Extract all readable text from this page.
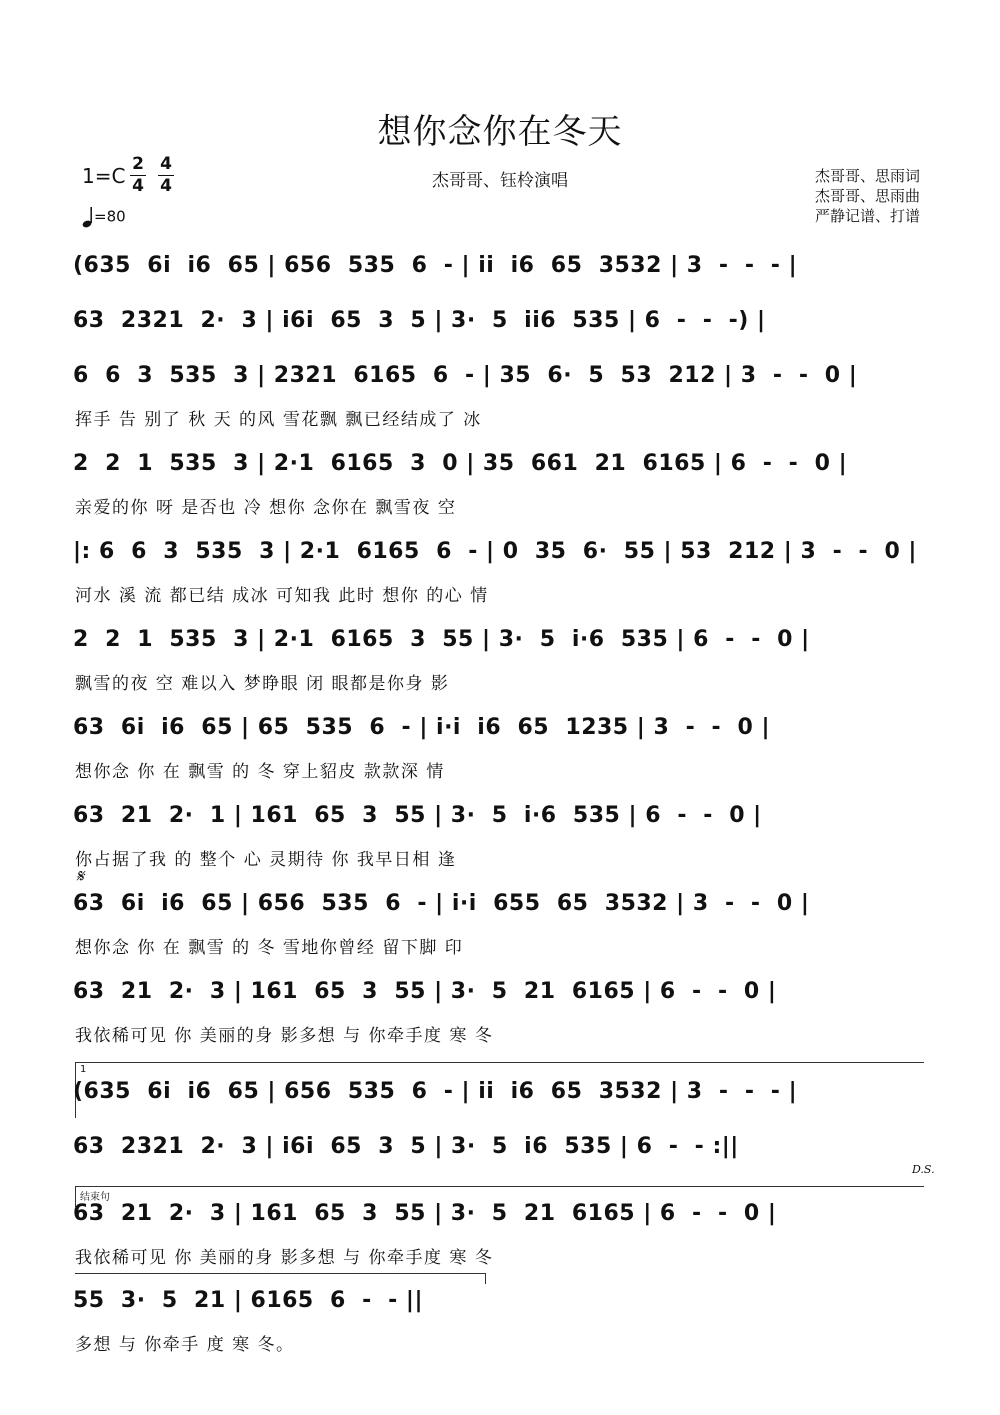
想你念你在冬天
1=C 2
4
4
4
=80
杰哥哥、钰柃演唱	杰哥哥、思雨词
杰哥哥、思雨曲
严静记谱、打谱
(635  6i  i6  65 | 656  535  6  - | ii  i6  65  3532 | 3  -  -  - |
63  2321  2·  3 | i6i  65  3  5 | 3·  5  ii6  535 | 6  -  -  -) |
6  6  3  535  3 | 2321  6165  6  - | 35  6·  5  53  212 | 3  -  -  0 |
挥手 告 别了 秋 天 的风 雪花飘 飘已经结成了 冰
2  2  1  535  3 | 2·1  6165  3  0 | 35  661  21  6165 | 6  -  -  0 |
亲爱的你 呀 是否也 冷 想你 念你在 飘雪夜 空
|: 6  6  3  535  3 | 2·1  6165  6  - | 0  35  6·  55 | 53  212 | 3  -  -  0 |
河水 溪 流 都已结 成冰 可知我 此时 想你 的心 情
2  2  1  535  3 | 2·1  6165  3  55 | 3·  5  i·6  535 | 6  -  -  0 |
飘雪的夜 空 难以入 梦睁眼 闭 眼都是你身 影
63  6i  i6  65 | 65  535  6  - | i·i  i6  65  1235 | 3  -  -  0 |
想你念 你 在 飘雪 的 冬 穿上貂皮 款款深 情
63  21  2·  1 | 161  65  3  55 | 3·  5  i·6  535 | 6  -  -  0 |
你占据了我 的 整个 心 灵期待 你 我早日相 逢
𝄋
63  6i  i6  65 | 656  535  6  - | i·i  655  65  3532 | 3  -  -  0 |
想你念 你 在 飘雪 的 冬 雪地你曾经 留下脚 印
63  21  2·  3 | 161  65  3  55 | 3·  5  21  6165 | 6  -  -  0 |
我依稀可见 你 美丽的身 影多想 与 你牵手度 寒 冬
1
(635  6i  i6  65 | 656  535  6  - | ii  i6  65  3532 | 3  -  -  - |
63  2321  2·  3 | i6i  65  3  5 | 3·  5  i6  535 | 6  -  - :||
D.S.
结束句
63  21  2·  3 | 161  65  3  55 | 3·  5  21  6165 | 6  -  -  0 |
我依稀可见 你 美丽的身 影多想 与 你牵手度 寒 冬
55  3·  5  21 | 6165  6  -  - ||
多想 与 你牵手 度 寒 冬。
